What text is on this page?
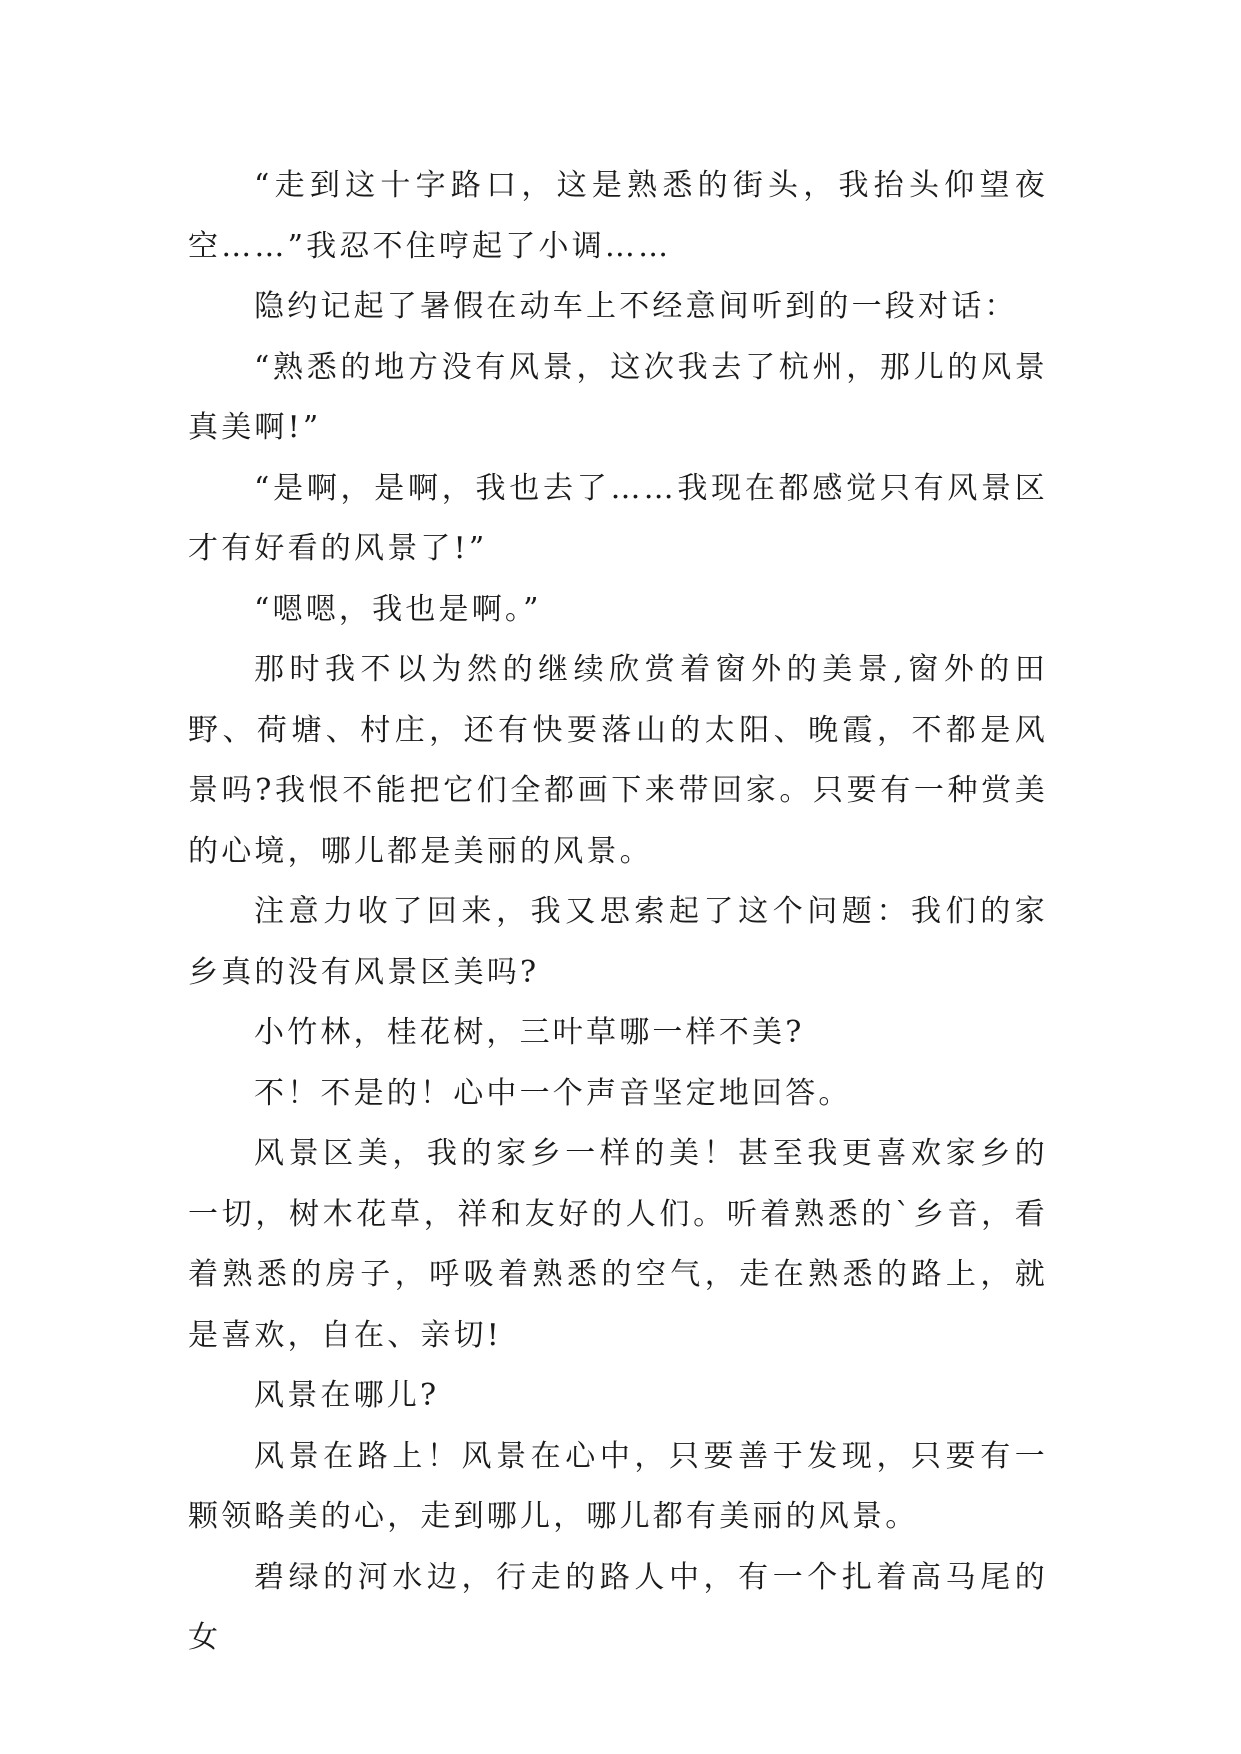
“走到这十字路口，这是熟悉的街头，我抬头仰望夜空……”我忍不住哼起了小调……

隐约记起了暑假在动车上不经意间听到的一段对话：

“熟悉的地方没有风景，这次我去了杭州，那儿的风景真美啊!”

“是啊，是啊，我也去了……我现在都感觉只有风景区才有好看的风景了!”

“嗯嗯，我也是啊。”

那时我不以为然的继续欣赏着窗外的美景,窗外的田野、荷塘、村庄，还有快要落山的太阳、晚霞，不都是风景吗?我恨不能把它们全都画下来带回家。只要有一种赏美的心境，哪儿都是美丽的风景。

注意力收了回来，我又思索起了这个问题：我们的家乡真的没有风景区美吗?

小竹林，桂花树，三叶草哪一样不美?

不！不是的！心中一个声音坚定地回答。

风景区美，我的家乡一样的美！甚至我更喜欢家乡的一切，树木花草，祥和友好的人们。听着熟悉的`乡音，看着熟悉的房子，呼吸着熟悉的空气，走在熟悉的路上，就是喜欢，自在、亲切!

风景在哪儿?

风景在路上！风景在心中，只要善于发现，只要有一颗领略美的心，走到哪儿，哪儿都有美丽的风景。

碧绿的河水边，行走的路人中，有一个扎着高马尾的女
